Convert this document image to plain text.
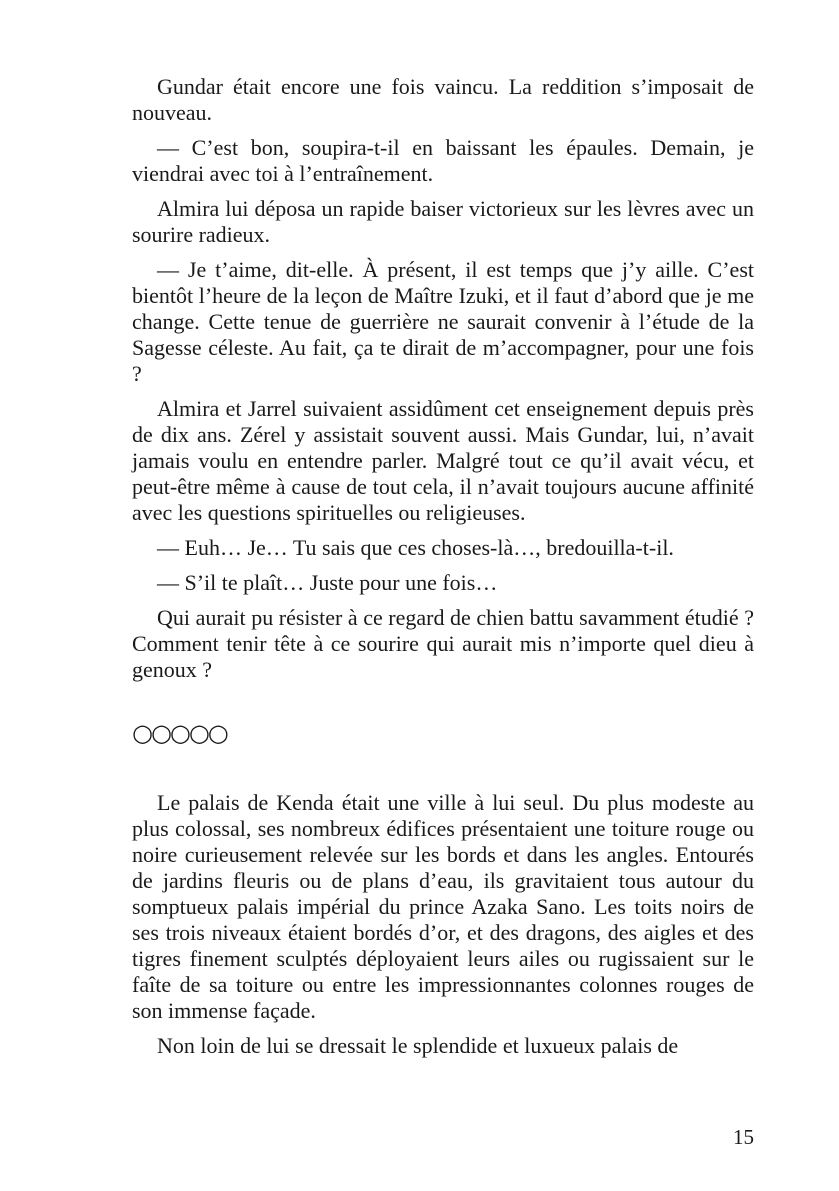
Gundar était encore une fois vaincu. La reddition s’imposait de nouveau.

— C’est bon, soupira-t-il en baissant les épaules. Demain, je viendrai avec toi à l’entraînement.

Almira lui déposa un rapide baiser victorieux sur les lèvres avec un sourire radieux.

— Je t’aime, dit-elle. À présent, il est temps que j’y aille. C’est bientôt l’heure de la leçon de Maître Izuki, et il faut d’abord que je me change. Cette tenue de guerrière ne saurait convenir à l’étude de la Sagesse céleste. Au fait, ça te dirait de m’accompagner, pour une fois ?

Almira et Jarrel suivaient assidûment cet enseignement depuis près de dix ans. Zérel y assistait souvent aussi. Mais Gundar, lui, n’avait jamais voulu en entendre parler. Malgré tout ce qu’il avait vécu, et peut-être même à cause de tout cela, il n’avait toujours aucune affinité avec les questions spirituelles ou religieuses.

— Euh… Je… Tu sais que ces choses-là…, bredouilla-t-il.

— S’il te plaît… Juste pour une fois…

Qui aurait pu résister à ce regard de chien battu savamment étudié ? Comment tenir tête à ce sourire qui aurait mis n’importe quel dieu à genoux ?

○○○○○

Le palais de Kenda était une ville à lui seul. Du plus modeste au plus colossal, ses nombreux édifices présentaient une toiture rouge ou noire curieusement relevée sur les bords et dans les angles. Entourés de jardins fleuris ou de plans d’eau, ils gravitaient tous autour du somptueux palais impérial du prince Azaka Sano. Les toits noirs de ses trois niveaux étaient bordés d’or, et des dragons, des aigles et des tigres finement sculptés déployaient leurs ailes ou rugissaient sur le faîte de sa toiture ou entre les impressionnantes colonnes rouges de son immense façade.

Non loin de lui se dressait le splendide et luxueux palais de

15
